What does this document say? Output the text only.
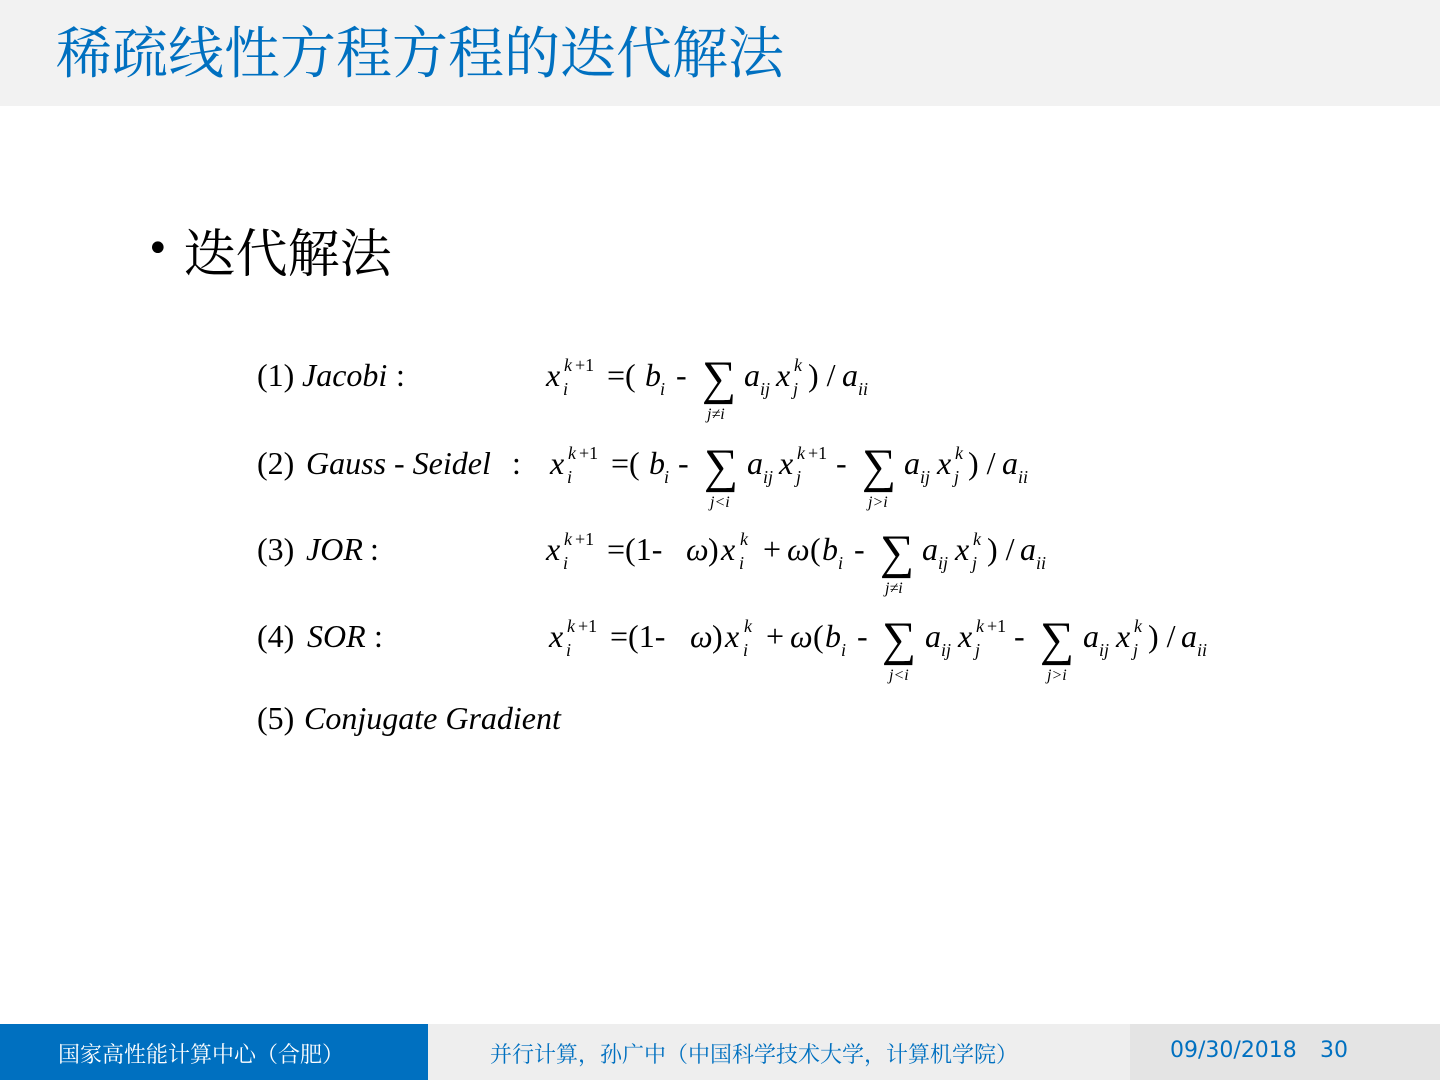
稀疏线性方程方程的迭代解法
• 迭代解法
(1) Jacobi :
(2) Gauss - Seidel :
(3) JOR :
(4) SOR :
(5) Conjugate Gradient
x k +1
i =( b i - ∑
j≠i
a ij x k
j ) / a ii
x k +1
i =( b i - ∑
j<i
a ij x k +1
j - ∑
j>i
a ij x k
j ) / a ii
x k +1
i =(1- ω ) x k
i + ω ( b i - ∑
j≠i
a ij x k
j ) / a ii
x k +1
i =(1- ω ) x k
i + ω ( b i - ∑
j<i
a ij x k +1
j - ∑
j>i
a ij x k
j ) / a ii
国家高性能计算中心（合肥）	并行计算，孙广中（中国科学技术大学，计算机学院）	09/30/2018 30
